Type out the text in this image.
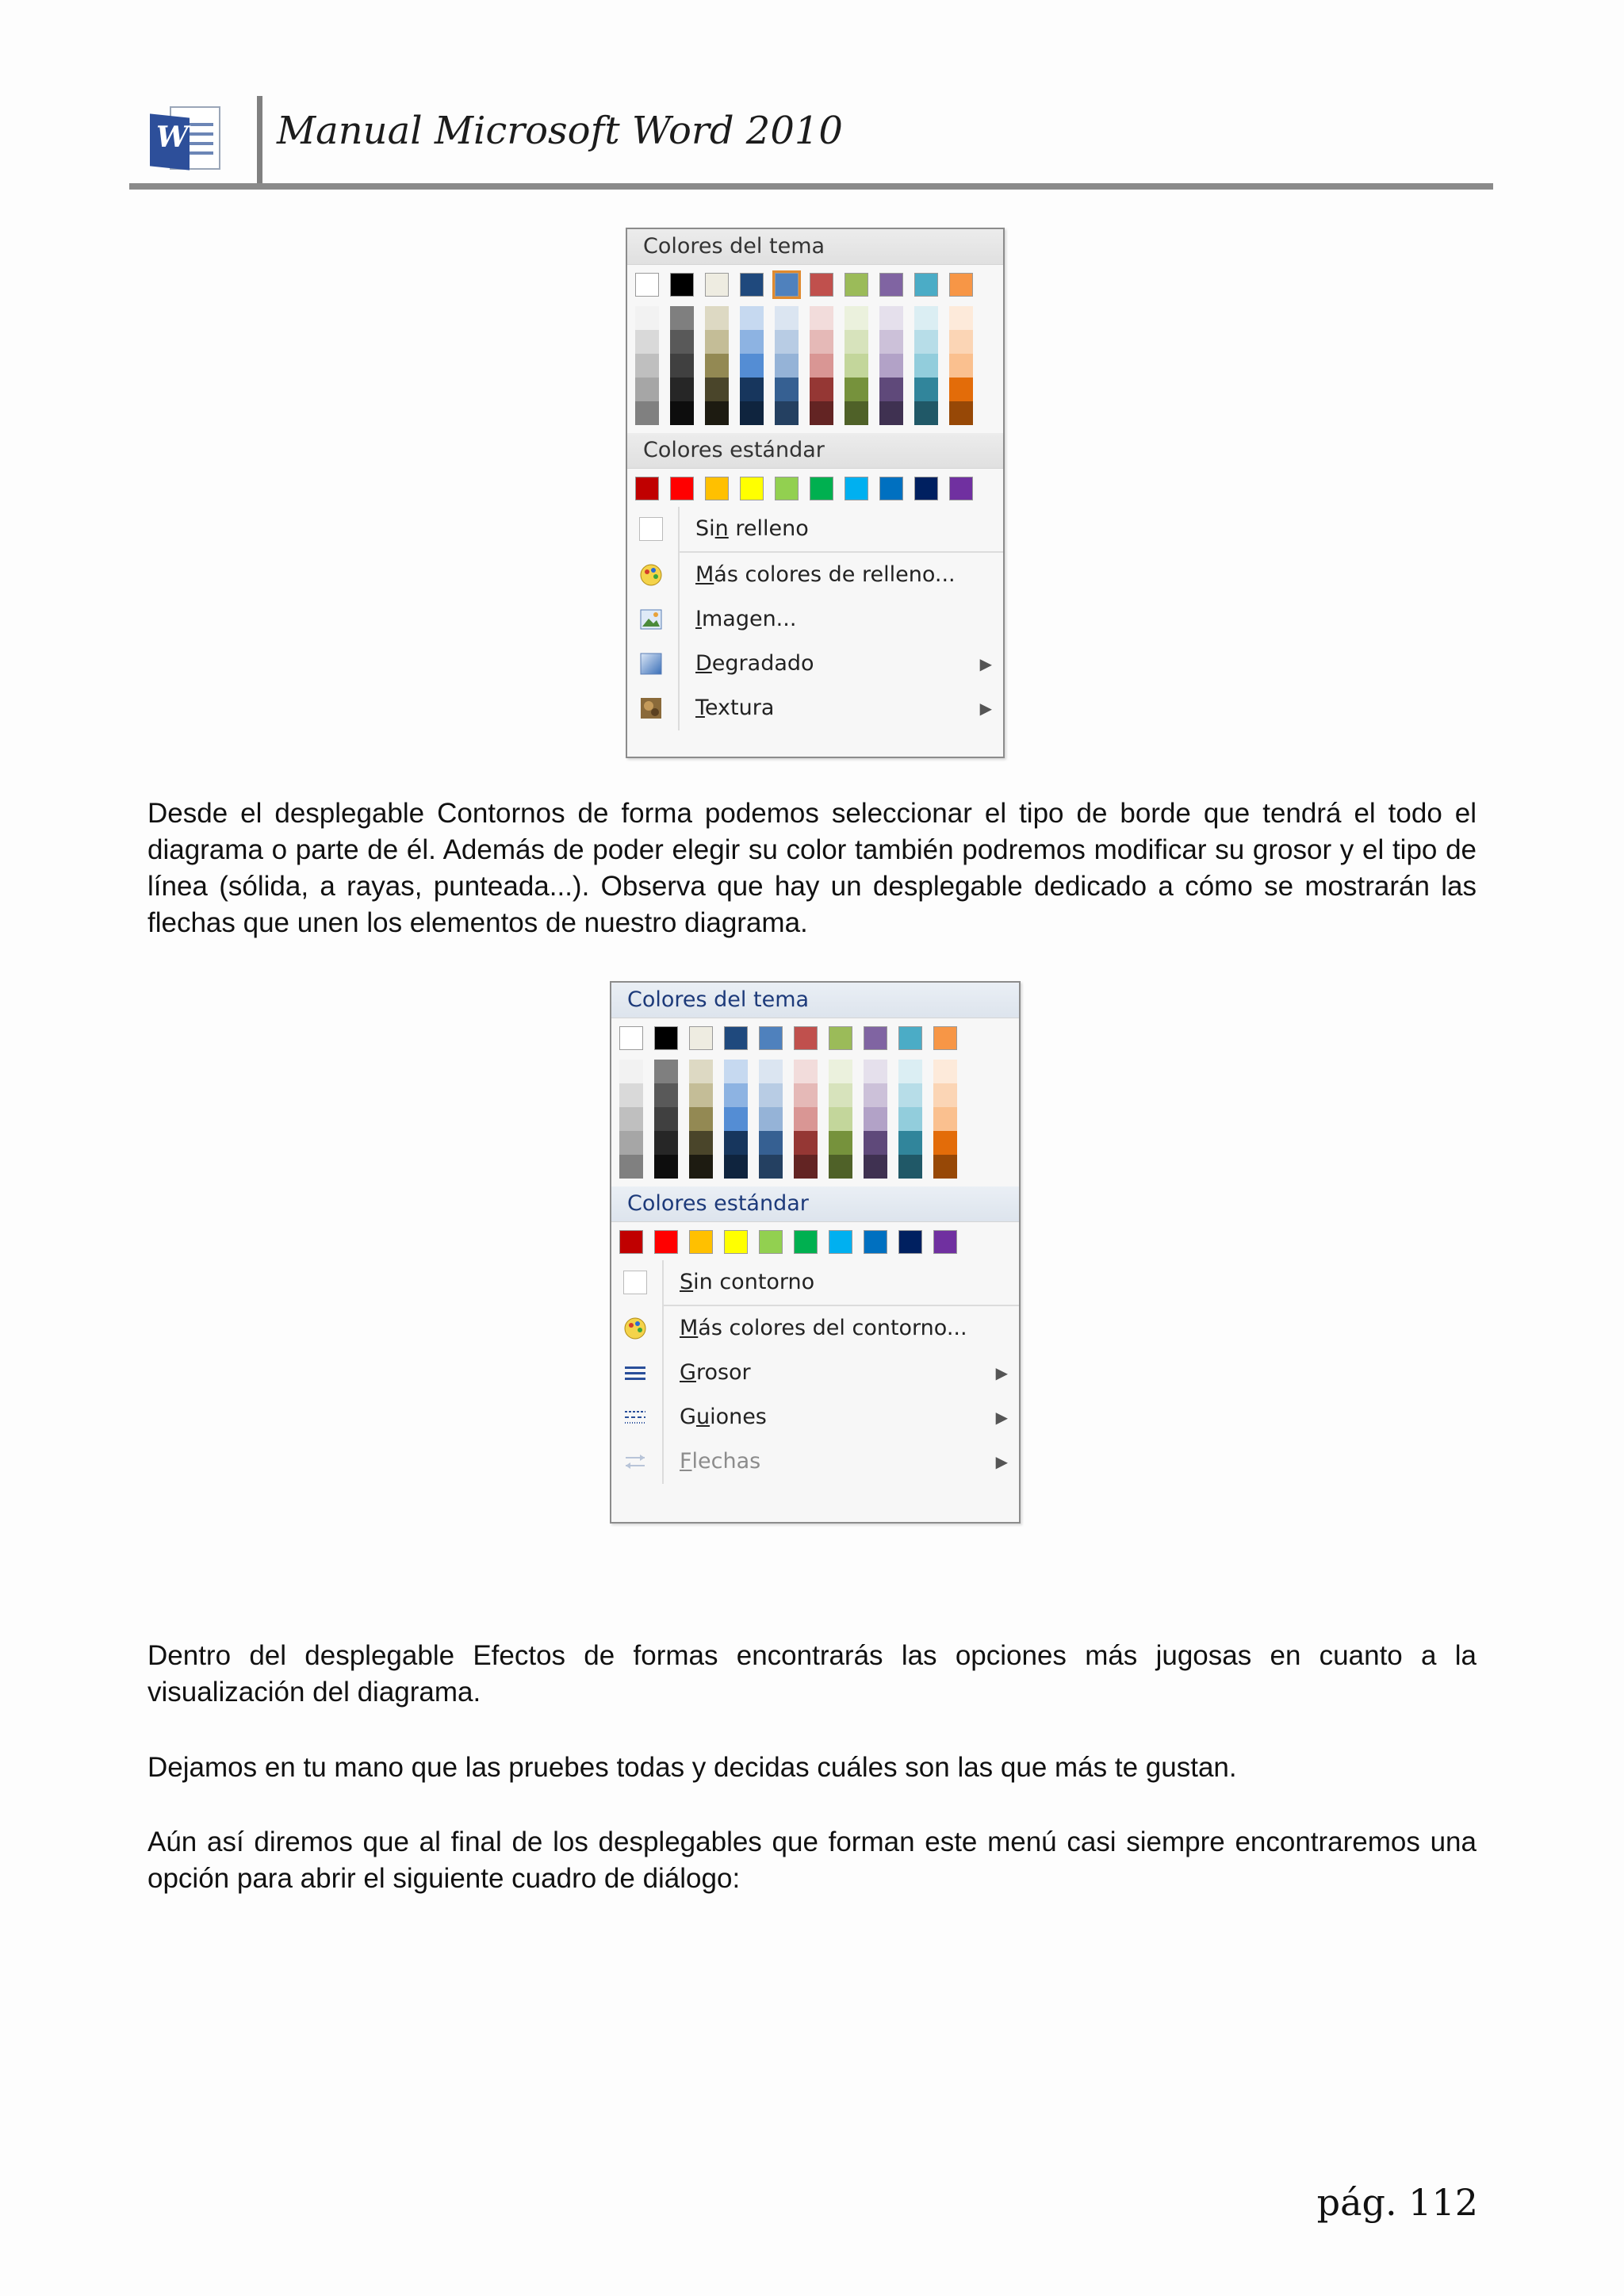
W Manual Microsoft Word 2010
Colores del tema
Colores estándar
Sin relleno
Más colores de relleno...
Imagen...
Degradado	▶
Textura	▶
Desde el desplegable Contornos de forma podemos seleccionar el tipo de borde que tendrá el todo el diagrama o parte de él. Además de poder elegir su color también podremos modificar su grosor y el tipo de línea (sólida, a rayas, punteada...). Observa que hay un desplegable dedicado a cómo se mostrarán las flechas que unen los elementos de nuestro diagrama.
Colores del tema
Colores estándar
Sin contorno
Más colores del contorno...
Grosor	▶
Guiones	▶
Flechas	▶
Dentro del desplegable Efectos de formas encontrarás las opciones más jugosas en cuanto a la visualización del diagrama.
Dejamos en tu mano que las pruebes todas y decidas cuáles son las que más te gustan.
Aún así diremos que al final de los desplegables que forman este menú casi siempre encontraremos una opción para abrir el siguiente cuadro de diálogo:
pág. 112
